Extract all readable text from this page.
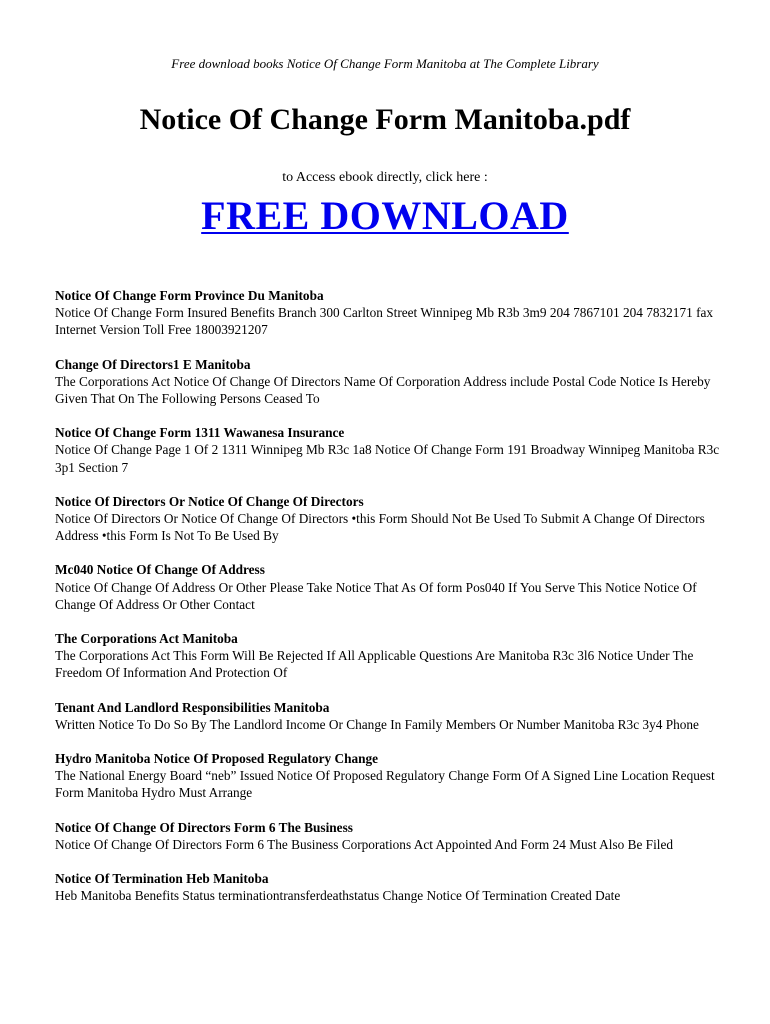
Free download books Notice Of Change Form Manitoba at The Complete Library
Notice Of Change Form Manitoba.pdf
to Access ebook directly, click here :
FREE DOWNLOAD
Notice Of Change Form Province Du Manitoba
Notice Of Change Form Insured Benefits Branch 300 Carlton Street Winnipeg Mb R3b 3m9 204 7867101 204 7832171 fax Internet Version Toll Free 18003921207
Change Of Directors1 E Manitoba
The Corporations Act Notice Of Change Of Directors Name Of Corporation Address include Postal Code Notice Is Hereby Given That On The Following Persons Ceased To
Notice Of Change Form 1311 Wawanesa Insurance
Notice Of Change Page 1 Of 2 1311 Winnipeg Mb R3c 1a8 Notice Of Change Form 191 Broadway Winnipeg Manitoba R3c 3p1 Section 7
Notice Of Directors Or Notice Of Change Of Directors
Notice Of Directors Or Notice Of Change Of Directors •this Form Should Not Be Used To Submit A Change Of Directors Address •this Form Is Not To Be Used By
Mc040 Notice Of Change Of Address
Notice Of Change Of Address Or Other Please Take Notice That As Of form Pos040 If You Serve This Notice Notice Of Change Of Address Or Other Contact
The Corporations Act Manitoba
The Corporations Act This Form Will Be Rejected If All Applicable Questions Are Manitoba R3c 3l6 Notice Under The Freedom Of Information And Protection Of
Tenant And Landlord Responsibilities Manitoba
Written Notice To Do So By The Landlord Income Or Change In Family Members Or Number Manitoba R3c 3y4 Phone
Hydro Manitoba Notice Of Proposed Regulatory Change
The National Energy Board “neb” Issued Notice Of Proposed Regulatory Change Form Of A Signed Line Location Request Form Manitoba Hydro Must Arrange
Notice Of Change Of Directors Form 6 The Business
Notice Of Change Of Directors Form 6 The Business Corporations Act Appointed And Form 24 Must Also Be Filed
Notice Of Termination Heb Manitoba
Heb Manitoba Benefits Status terminationtransferdeathstatus Change Notice Of Termination Created Date
